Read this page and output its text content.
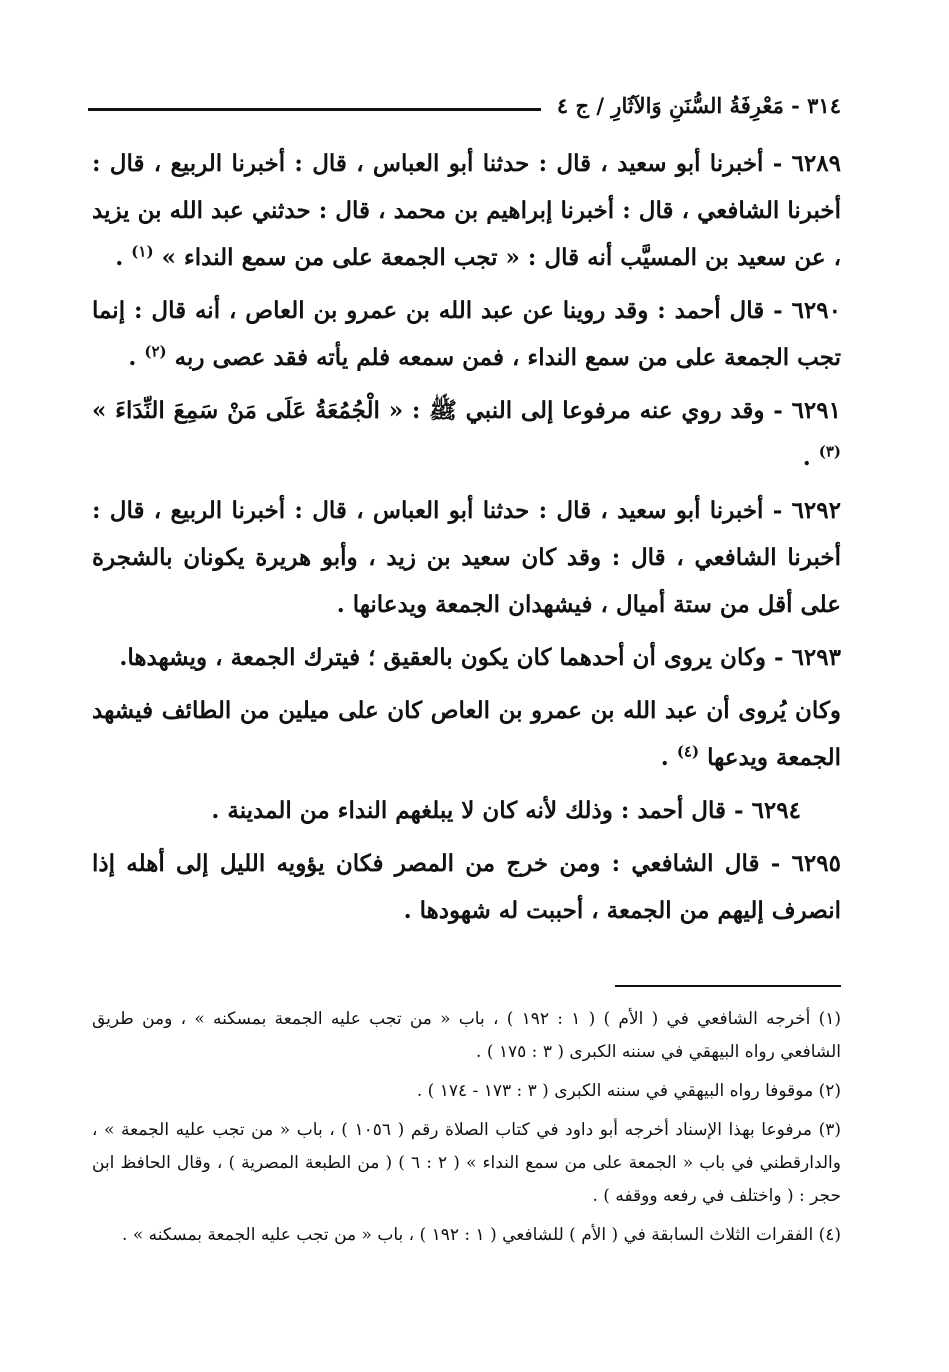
٣١٤ - مَعْرِفَةُ السُّنَنِ وَالآثَارِ / ج ٤

٦٢٨٩ - أخبرنا أبو سعيد ، قال : حدثنا أبو العباس ، قال : أخبرنا الربيع ، قال : أخبرنا الشافعي ، قال : أخبرنا إبراهيم بن محمد ، قال : حدثني عبد الله بن يزيد ، عن سعيد بن المسيَّب أنه قال : « تجب الجمعة على من سمع النداء » $^{(١)}$ .

٦٢٩٠ - قال أحمد : وقد روينا عن عبد الله بن عمرو بن العاص ، أنه قال : إنما تجب الجمعة على من سمع النداء ، فمن سمعه فلم يأته فقد عصى ربه $^{(٢)}$ .

٦٢٩١ - وقد روي عنه مرفوعا إلى النبي ﷺ : « الْجُمُعَةُ عَلَى مَنْ سَمِعَ النِّدَاءَ » $^{(٣)}$ .

٦٢٩٢ - أخبرنا أبو سعيد ، قال : حدثنا أبو العباس ، قال : أخبرنا الربيع ، قال : أخبرنا الشافعي ، قال : وقد كان سعيد بن زيد ، وأبو هريرة يكونان بالشجرة على أقل من ستة أميال ، فيشهدان الجمعة ويدعانها .

٦٢٩٣ - وكان يروى أن أحدهما كان يكون بالعقيق ؛ فيترك الجمعة ، ويشهدها.

وكان يُروى أن عبد الله بن عمرو بن العاص كان على ميلين من الطائف فيشهد الجمعة ويدعها $^{(٤)}$ .

٦٢٩٤ - قال أحمد : وذلك لأنه كان لا يبلغهم النداء من المدينة .

٦٢٩٥ - قال الشافعي : ومن خرج من المصر فكان يؤويه الليل إلى أهله إذا انصرف إليهم من الجمعة ، أحببت له شهودها .

(١) أخرجه الشافعي في ( الأم ) ( ١ : ١٩٢ ) ، باب « من تجب عليه الجمعة بمسكنه » ، ومن طريق الشافعي رواه البيهقي في سننه الكبرى ( ٣ : ١٧٥ ) .

(٢) موقوفا رواه البيهقي في سننه الكبرى ( ٣ : ١٧٣ - ١٧٤ ) .

(٣) مرفوعا بهذا الإسناد أخرجه أبو داود في كتاب الصلاة رقم ( ١٠٥٦ ) ، باب « من تجب عليه الجمعة » ، والدارقطني في باب « الجمعة على من سمع النداء » ( ٢ : ٦ ) ( من الطبعة المصرية ) ، وقال الحافظ ابن حجر : ( واختلف في رفعه ووقفه ) .

(٤) الفقرات الثلاث السابقة في ( الأم ) للشافعي ( ١ : ١٩٢ ) ، باب « من تجب عليه الجمعة بمسكنه » .
